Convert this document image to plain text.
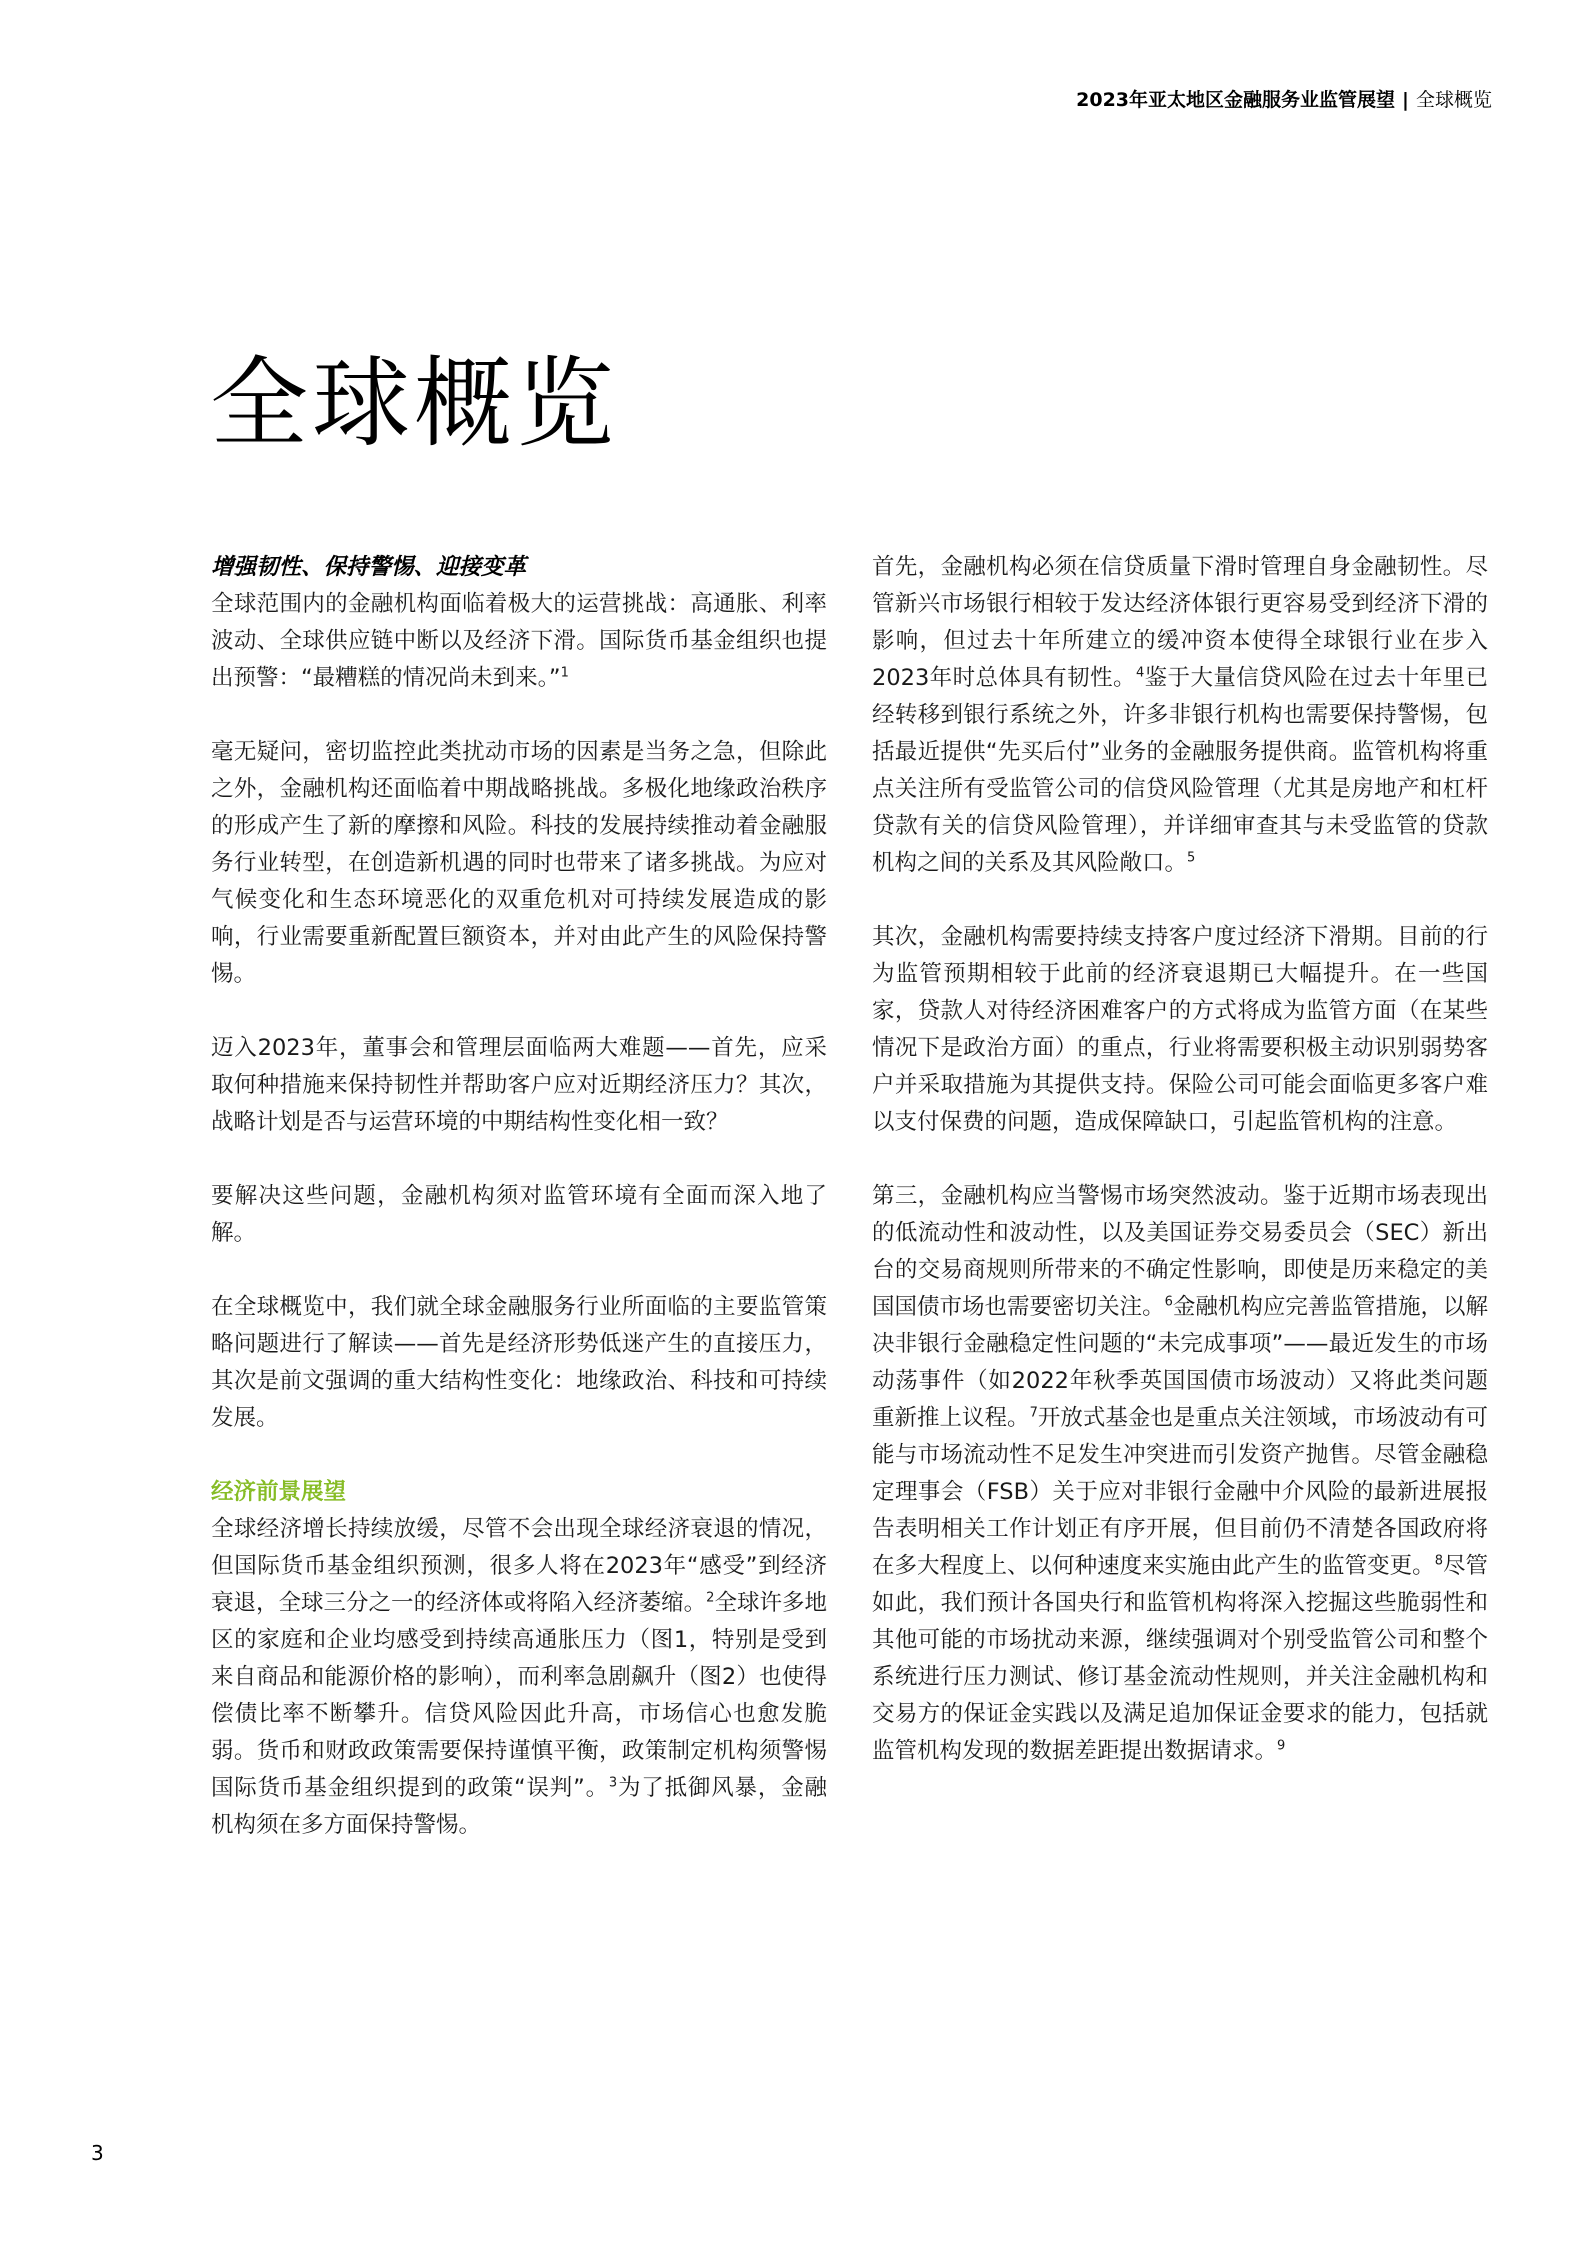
2023年亚太地区金融服务业监管展望 | 全球概览
全球概览

增强韧性、保持警惕、迎接变革
全球范围内的金融机构面临着极大的运营挑战：高通胀、利率波动、全球供应链中断以及经济下滑。国际货币基金组织也提出预警：“最糟糕的情况尚未到来。”$^1$

毫无疑问，密切监控此类扰动市场的因素是当务之急，但除此之外，金融机构还面临着中期战略挑战。多极化地缘政治秩序的形成产生了新的摩擦和风险。科技的发展持续推动着金融服务行业转型，在创造新机遇的同时也带来了诸多挑战。为应对气候变化和生态环境恶化的双重危机对可持续发展造成的影响，行业需要重新配置巨额资本，并对由此产生的风险保持警惕。

迈入2023年，董事会和管理层面临两大难题——首先，应采取何种措施来保持韧性并帮助客户应对近期经济压力？其次，战略计划是否与运营环境的中期结构性变化相一致？

要解决这些问题，金融机构须对监管环境有全面而深入地了解。

在全球概览中，我们就全球金融服务行业所面临的主要监管策略问题进行了解读——首先是经济形势低迷产生的直接压力，其次是前文强调的重大结构性变化：地缘政治、科技和可持续发展。

经济前景展望
全球经济增长持续放缓，尽管不会出现全球经济衰退的情况，但国际货币基金组织预测，很多人将在2023年“感受”到经济衰退，全球三分之一的经济体或将陷入经济萎缩。$^2$全球许多地区的家庭和企业均感受到持续高通胀压力（图1，特别是受到来自商品和能源价格的影响），而利率急剧飙升（图2）也使得偿债比率不断攀升。信贷风险因此升高，市场信心也愈发脆弱。货币和财政政策需要保持谨慎平衡，政策制定机构须警惕国际货币基金组织提到的政策“误判”。$^3$为了抵御风暴，金融机构须在多方面保持警惕。

首先，金融机构必须在信贷质量下滑时管理自身金融韧性。尽管新兴市场银行相较于发达经济体银行更容易受到经济下滑的影响，但过去十年所建立的缓冲资本使得全球银行业在步入2023年时总体具有韧性。$^4$鉴于大量信贷风险在过去十年里已经转移到银行系统之外，许多非银行机构也需要保持警惕，包括最近提供“先买后付”业务的金融服务提供商。监管机构将重点关注所有受监管公司的信贷风险管理（尤其是房地产和杠杆贷款有关的信贷风险管理），并详细审查其与未受监管的贷款机构之间的关系及其风险敞口。$^5$

其次，金融机构需要持续支持客户度过经济下滑期。目前的行为监管预期相较于此前的经济衰退期已大幅提升。在一些国家，贷款人对待经济困难客户的方式将成为监管方面（在某些情况下是政治方面）的重点，行业将需要积极主动识别弱势客户并采取措施为其提供支持。保险公司可能会面临更多客户难以支付保费的问题，造成保障缺口，引起监管机构的注意。

第三，金融机构应当警惕市场突然波动。鉴于近期市场表现出的低流动性和波动性，以及美国证券交易委员会（SEC）新出台的交易商规则所带来的不确定性影响，即使是历来稳定的美国国债市场也需要密切关注。$^6$金融机构应完善监管措施，以解决非银行金融稳定性问题的“未完成事项”——最近发生的市场动荡事件（如2022年秋季英国国债市场波动）又将此类问题重新推上议程。$^7$开放式基金也是重点关注领域，市场波动有可能与市场流动性不足发生冲突进而引发资产抛售。尽管金融稳定理事会（FSB）关于应对非银行金融中介风险的最新进展报告表明相关工作计划正有序开展，但目前仍不清楚各国政府将在多大程度上、以何种速度来实施由此产生的监管变更。$^8$尽管如此，我们预计各国央行和监管机构将深入挖掘这些脆弱性和其他可能的市场扰动来源，继续强调对个别受监管公司和整个系统进行压力测试、修订基金流动性规则，并关注金融机构和交易方的保证金实践以及满足追加保证金要求的能力，包括就监管机构发现的数据差距提出数据请求。$^9$

3
